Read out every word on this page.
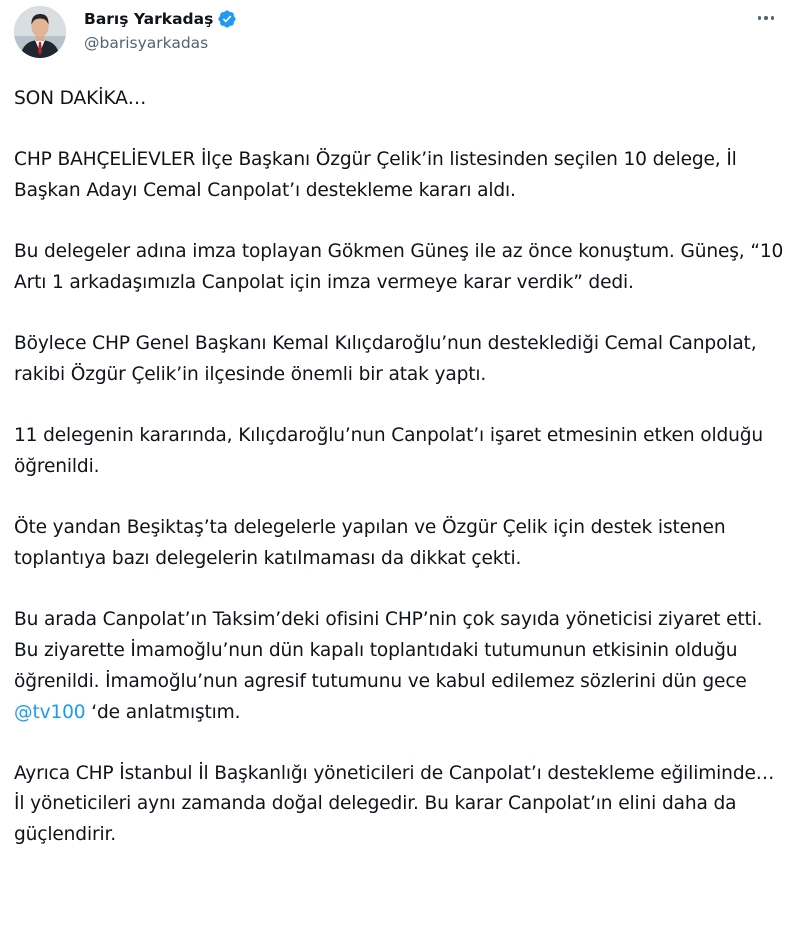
Barış Yarkadaş
@barisyarkadas

SON DAKİKA…

CHP BAHÇELİEVLER İlçe Başkanı Özgür Çelik’in listesinden seçilen 10 delege, İl Başkan Adayı Cemal Canpolat’ı destekleme kararı aldı.

Bu delegeler adına imza toplayan Gökmen Güneş ile az önce konuştum. Güneş, “10 Artı 1 arkadaşımızla Canpolat için imza vermeye karar verdik” dedi.

Böylece CHP Genel Başkanı Kemal Kılıçdaroğlu’nun desteklediği Cemal Canpolat, rakibi Özgür Çelik’in ilçesinde önemli bir atak yaptı.

11 delegenin kararında, Kılıçdaroğlu’nun Canpolat’ı işaret etmesinin etken olduğu öğrenildi.

Öte yandan Beşiktaş’ta delegelerle yapılan ve Özgür Çelik için destek istenen toplantıya bazı delegelerin katılmaması da dikkat çekti.

Bu arada Canpolat’ın Taksim’deki ofisini CHP’nin çok sayıda yöneticisi ziyaret etti. Bu ziyarette İmamoğlu’nun dün kapalı toplantıdaki tutumunun etkisinin olduğu öğrenildi. İmamoğlu’nun agresif tutumunu ve kabul edilemez sözlerini dün gece @tv100 ‘de anlatmıştım.

Ayrıca CHP İstanbul İl Başkanlığı yöneticileri de Canpolat’ı destekleme eğiliminde… İl yöneticileri aynı zamanda doğal delegedir. Bu karar Canpolat’ın elini daha da güçlendirir.
